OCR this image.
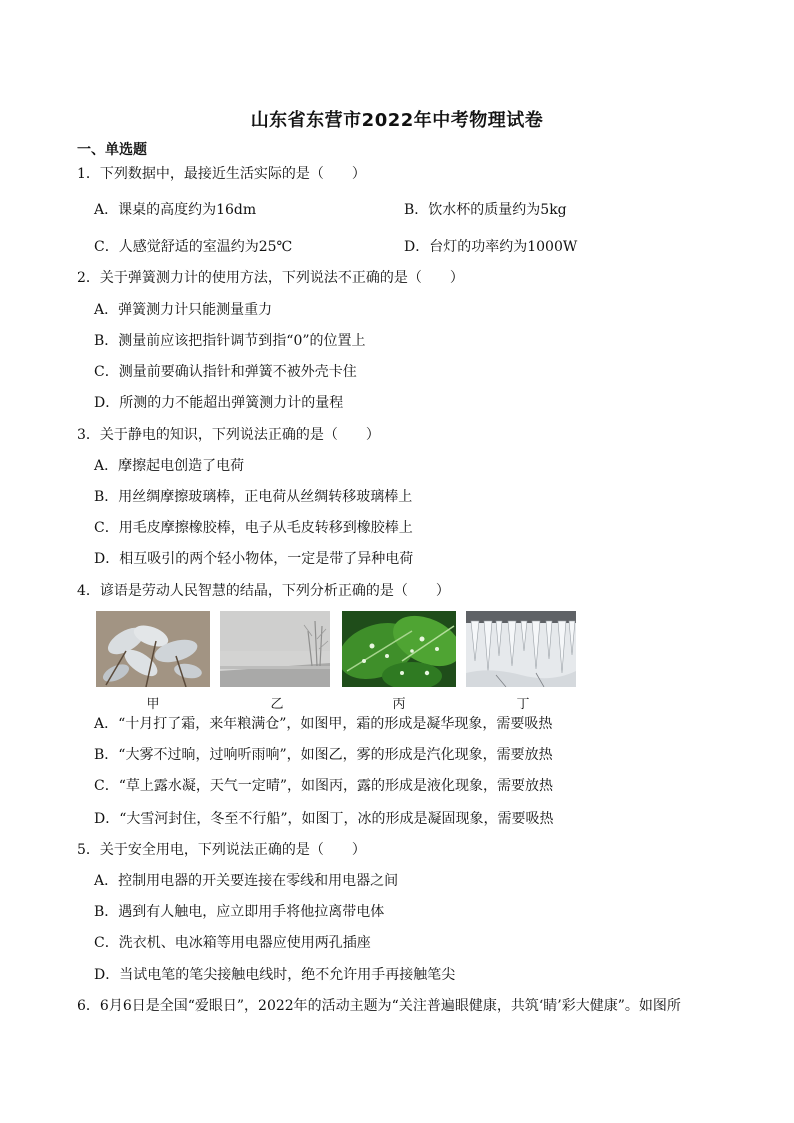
山东省东营市2022年中考物理试卷
一、单选题
1．下列数据中，最接近生活实际的是（　　）
A．课桌的高度约为16dm	B．饮水杯的质量约为5kg
C．人感觉舒适的室温约为25℃	D．台灯的功率约为1000W
2．关于弹簧测力计的使用方法，下列说法不正确的是（　　）
A．弹簧测力计只能测量重力
B．测量前应该把指针调节到指“0”的位置上
C．测量前要确认指针和弹簧不被外壳卡住
D．所测的力不能超出弹簧测力计的量程
3．关于静电的知识，下列说法正确的是（　　）
A．摩擦起电创造了电荷
B．用丝绸摩擦玻璃棒，正电荷从丝绸转移玻璃棒上
C．用毛皮摩擦橡胶棒，电子从毛皮转移到橡胶棒上
D．相互吸引的两个轻小物体，一定是带了异种电荷
4．谚语是劳动人民智慧的结晶，下列分析正确的是（　　）
甲	乙	丙	丁
A．“十月打了霜，来年粮满仓”，如图甲，霜的形成是凝华现象，需要吸热
B．“大雾不过晌，过响听雨响”，如图乙，雾的形成是汽化现象，需要放热
C．“草上露水凝，天气一定晴”，如图丙，露的形成是液化现象，需要放热
D．“大雪河封住，冬至不行船”，如图丁，冰的形成是凝固现象，需要吸热
5．关于安全用电，下列说法正确的是（　　）
A．控制用电器的开关要连接在零线和用电器之间
B．遇到有人触电，应立即用手将他拉离带电体
C．洗衣机、电冰箱等用电器应使用两孔插座
D．当试电笔的笔尖接触电线时，绝不允许用手再接触笔尖
6．6月6日是全国“爱眼日”，2022年的活动主题为“关注普遍眼健康，共筑‘睛’彩大健康”。如图所
